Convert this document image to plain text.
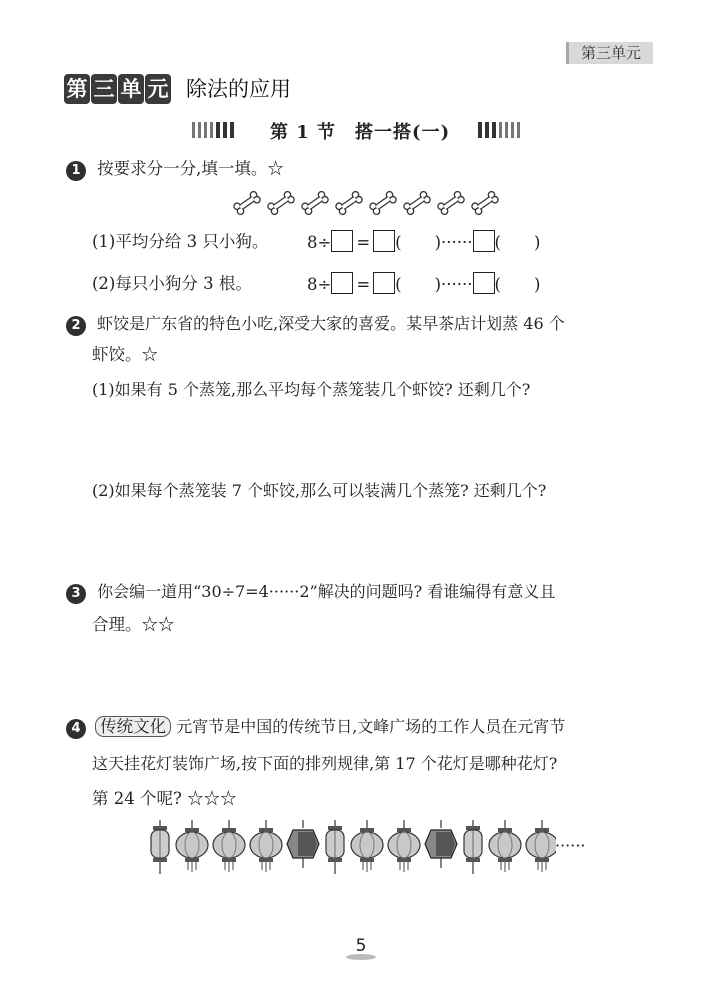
第三单元
第 三 单 元 除法的应用
第 1 节　搭一搭(一)
1 按要求分一分,填一填。☆
(1)平均分给 3 只小狗。 8÷ = (　　)······ (　　)
(2)每只小狗分 3 根。	8÷ = (　　)······ (　　)
2 虾饺是广东省的特色小吃,深受大家的喜爱。某早茶店计划蒸 46 个
虾饺。☆
(1)如果有 5 个蒸笼,那么平均每个蒸笼装几个虾饺? 还剩几个?
(2)如果每个蒸笼装 7 个虾饺,那么可以装满几个蒸笼? 还剩几个?
3 你会编一道用“30÷7=4······2”解决的问题吗? 看谁编得有意义且
合理。☆☆
4 传统文化 元宵节是中国的传统节日,文峰广场的工作人员在元宵节
这天挂花灯装饰广场,按下面的排列规律,第 17 个花灯是哪种花灯?
第 24 个呢? ☆☆☆
······
5
